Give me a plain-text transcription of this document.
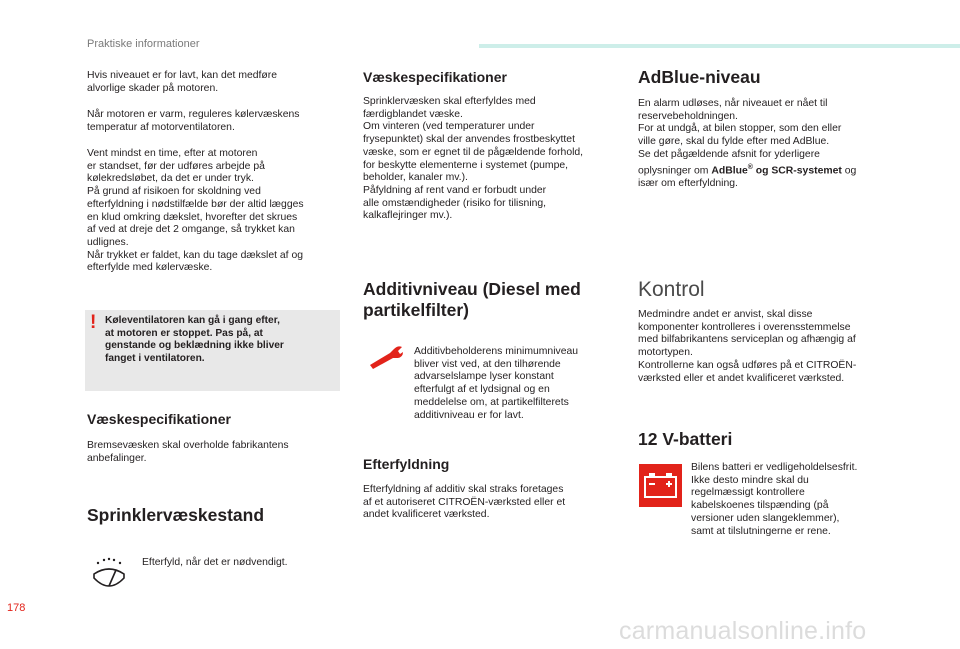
Praktiske informationer

Hvis niveauet er for lavt, kan det medføre
alvorlige skader på motoren.

Når motoren er varm, reguleres kølervæskens
temperatur af motorventilatoren.

Vent mindst en time, efter at motoren
er standset, før der udføres arbejde på
kølekredsløbet, da det er under tryk.
På grund af risikoen for skoldning ved
efterfyldning i nødstilfælde bør der altid lægges
en klud omkring dækslet, hvorefter det skrues
af ved at dreje det 2 omgange, så trykket kan
udlignes.
Når trykket er faldet, kan du tage dækslet af og
efterfylde med kølervæske.

! Køleventilatoren kan gå i gang efter,
at motoren er stoppet. Pas på, at
genstande og beklædning ikke bliver
fanget i ventilatoren.

Væskespecifikationer

Bremsevæsken skal overholde fabrikantens
anbefalinger.

Sprinklervæskestand

Efterfyld, når det er nødvendigt.

Væskespecifikationer

Sprinklervæsken skal efterfyldes med
færdigblandet væske.
Om vinteren (ved temperaturer under
frysepunktet) skal der anvendes frostbeskyttet
væske, som er egnet til de pågældende forhold,
for beskytte elementerne i systemet (pumpe,
beholder, kanaler mv.).
Påfyldning af rent vand er forbudt under
alle omstændigheder (risiko for tilisning,
kalkaflejringer mv.).

Additivniveau (Diesel med

partikelfilter)

Additivbeholderens minimumniveau
bliver vist ved, at den tilhørende
advarselslampe lyser konstant
efterfulgt af et lydsignal og en
meddelelse om, at partikelfilterets
additivniveau er for lavt.

Efterfyldning

Efterfyldning af additiv skal straks foretages
af et autoriseret CITROËN-værksted eller et
andet kvalificeret værksted.

AdBlue-niveau

En alarm udløses, når niveauet er nået til
reservebeholdningen.
For at undgå, at bilen stopper, som den eller
ville gøre, skal du fylde efter med AdBlue.
Se det pågældende afsnit for yderligere
oplysninger om AdBlue® og SCR-systemet og
især om efterfyldning.

Kontrol

Medmindre andet er anvist, skal disse
komponenter kontrolleres i overensstemmelse
med bilfabrikantens serviceplan og afhængig af
motortypen.
Kontrollerne kan også udføres på et CITROËN-
værksted eller et andet kvalificeret værksted.

12 V-batteri

Bilens batteri er vedligeholdelsesfrit.
Ikke desto mindre skal du
regelmæssigt kontrollere
kabelskoenes tilspænding (på
versioner uden slangeklemmer),
samt at tilslutningerne er rene.

178
carmanualsonline.info
